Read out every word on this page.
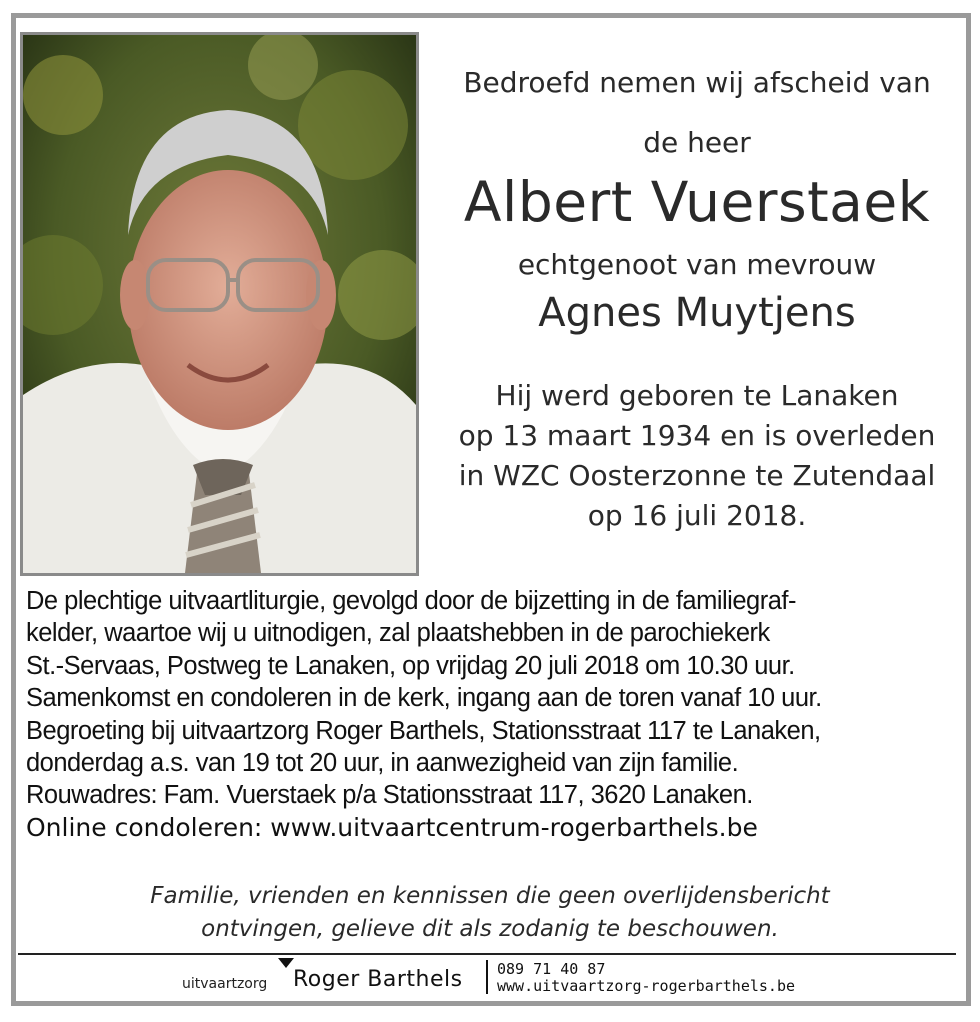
Bedroefd nemen wij afscheid van
de heer
Albert Vuerstaek
echtgenoot van mevrouw
Agnes Muytjens
Hij werd geboren te Lanaken
op 13 maart 1934 en is overleden
in WZC Oosterzonne te Zutendaal
op 16 juli 2018.
De plechtige uitvaartliturgie, gevolgd door de bijzetting in de familiegraf-
kelder, waartoe wij u uitnodigen, zal plaatshebben in de parochiekerk
St.-Servaas, Postweg te Lanaken, op vrijdag 20 juli 2018 om 10.30 uur.
Samenkomst en condoleren in de kerk, ingang aan de toren vanaf 10 uur.
Begroeting bij uitvaartzorg Roger Barthels, Stationsstraat 117 te Lanaken,
donderdag a.s. van 19 tot 20 uur, in aanwezigheid van zijn familie.
Rouwadres: Fam. Vuerstaek p/a Stationsstraat 117, 3620 Lanaken.
Online condoleren: www.uitvaartcentrum-rogerbarthels.be
Familie, vrienden en kennissen die geen overlijdensbericht
ontvingen, gelieve dit als zodanig te beschouwen.
uitvaartzorg Roger Barthels 089 71 40 87
www.uitvaartzorg-rogerbarthels.be
